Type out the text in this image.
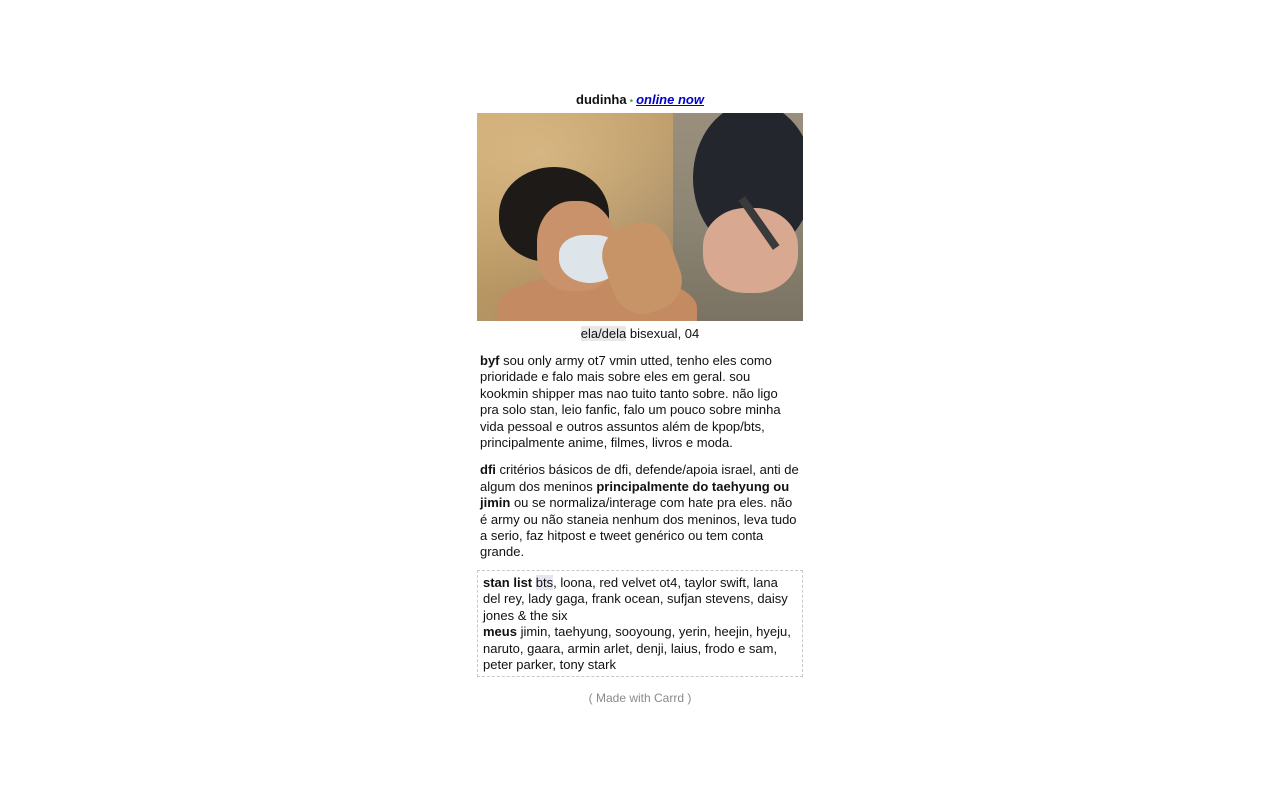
dudinha • online now
ela/dela bisexual, 04
byf sou only army ot7 vmin utted, tenho eles como prioridade e falo mais sobre eles em geral. sou kookmin shipper mas nao tuito tanto sobre. não ligo pra solo stan, leio fanfic, falo um pouco sobre minha vida pessoal e outros assuntos além de kpop/bts, principalmente anime, filmes, livros e moda.
dfi critérios básicos de dfi, defende/apoia israel, anti de algum dos meninos principalmente do taehyung ou jimin ou se normaliza/interage com hate pra eles. não é army ou não staneia nenhum dos meninos, leva tudo a serio, faz hitpost e tweet genérico ou tem conta grande.
stan list bts, loona, red velvet ot4, taylor swift, lana del rey, lady gaga, frank ocean, sufjan stevens, daisy jones & the six
meus jimin, taehyung, sooyoung, yerin, heejin, hyeju, naruto, gaara, armin arlet, denji, laius, frodo e sam, peter parker, tony stark
( Made with Carrd )
